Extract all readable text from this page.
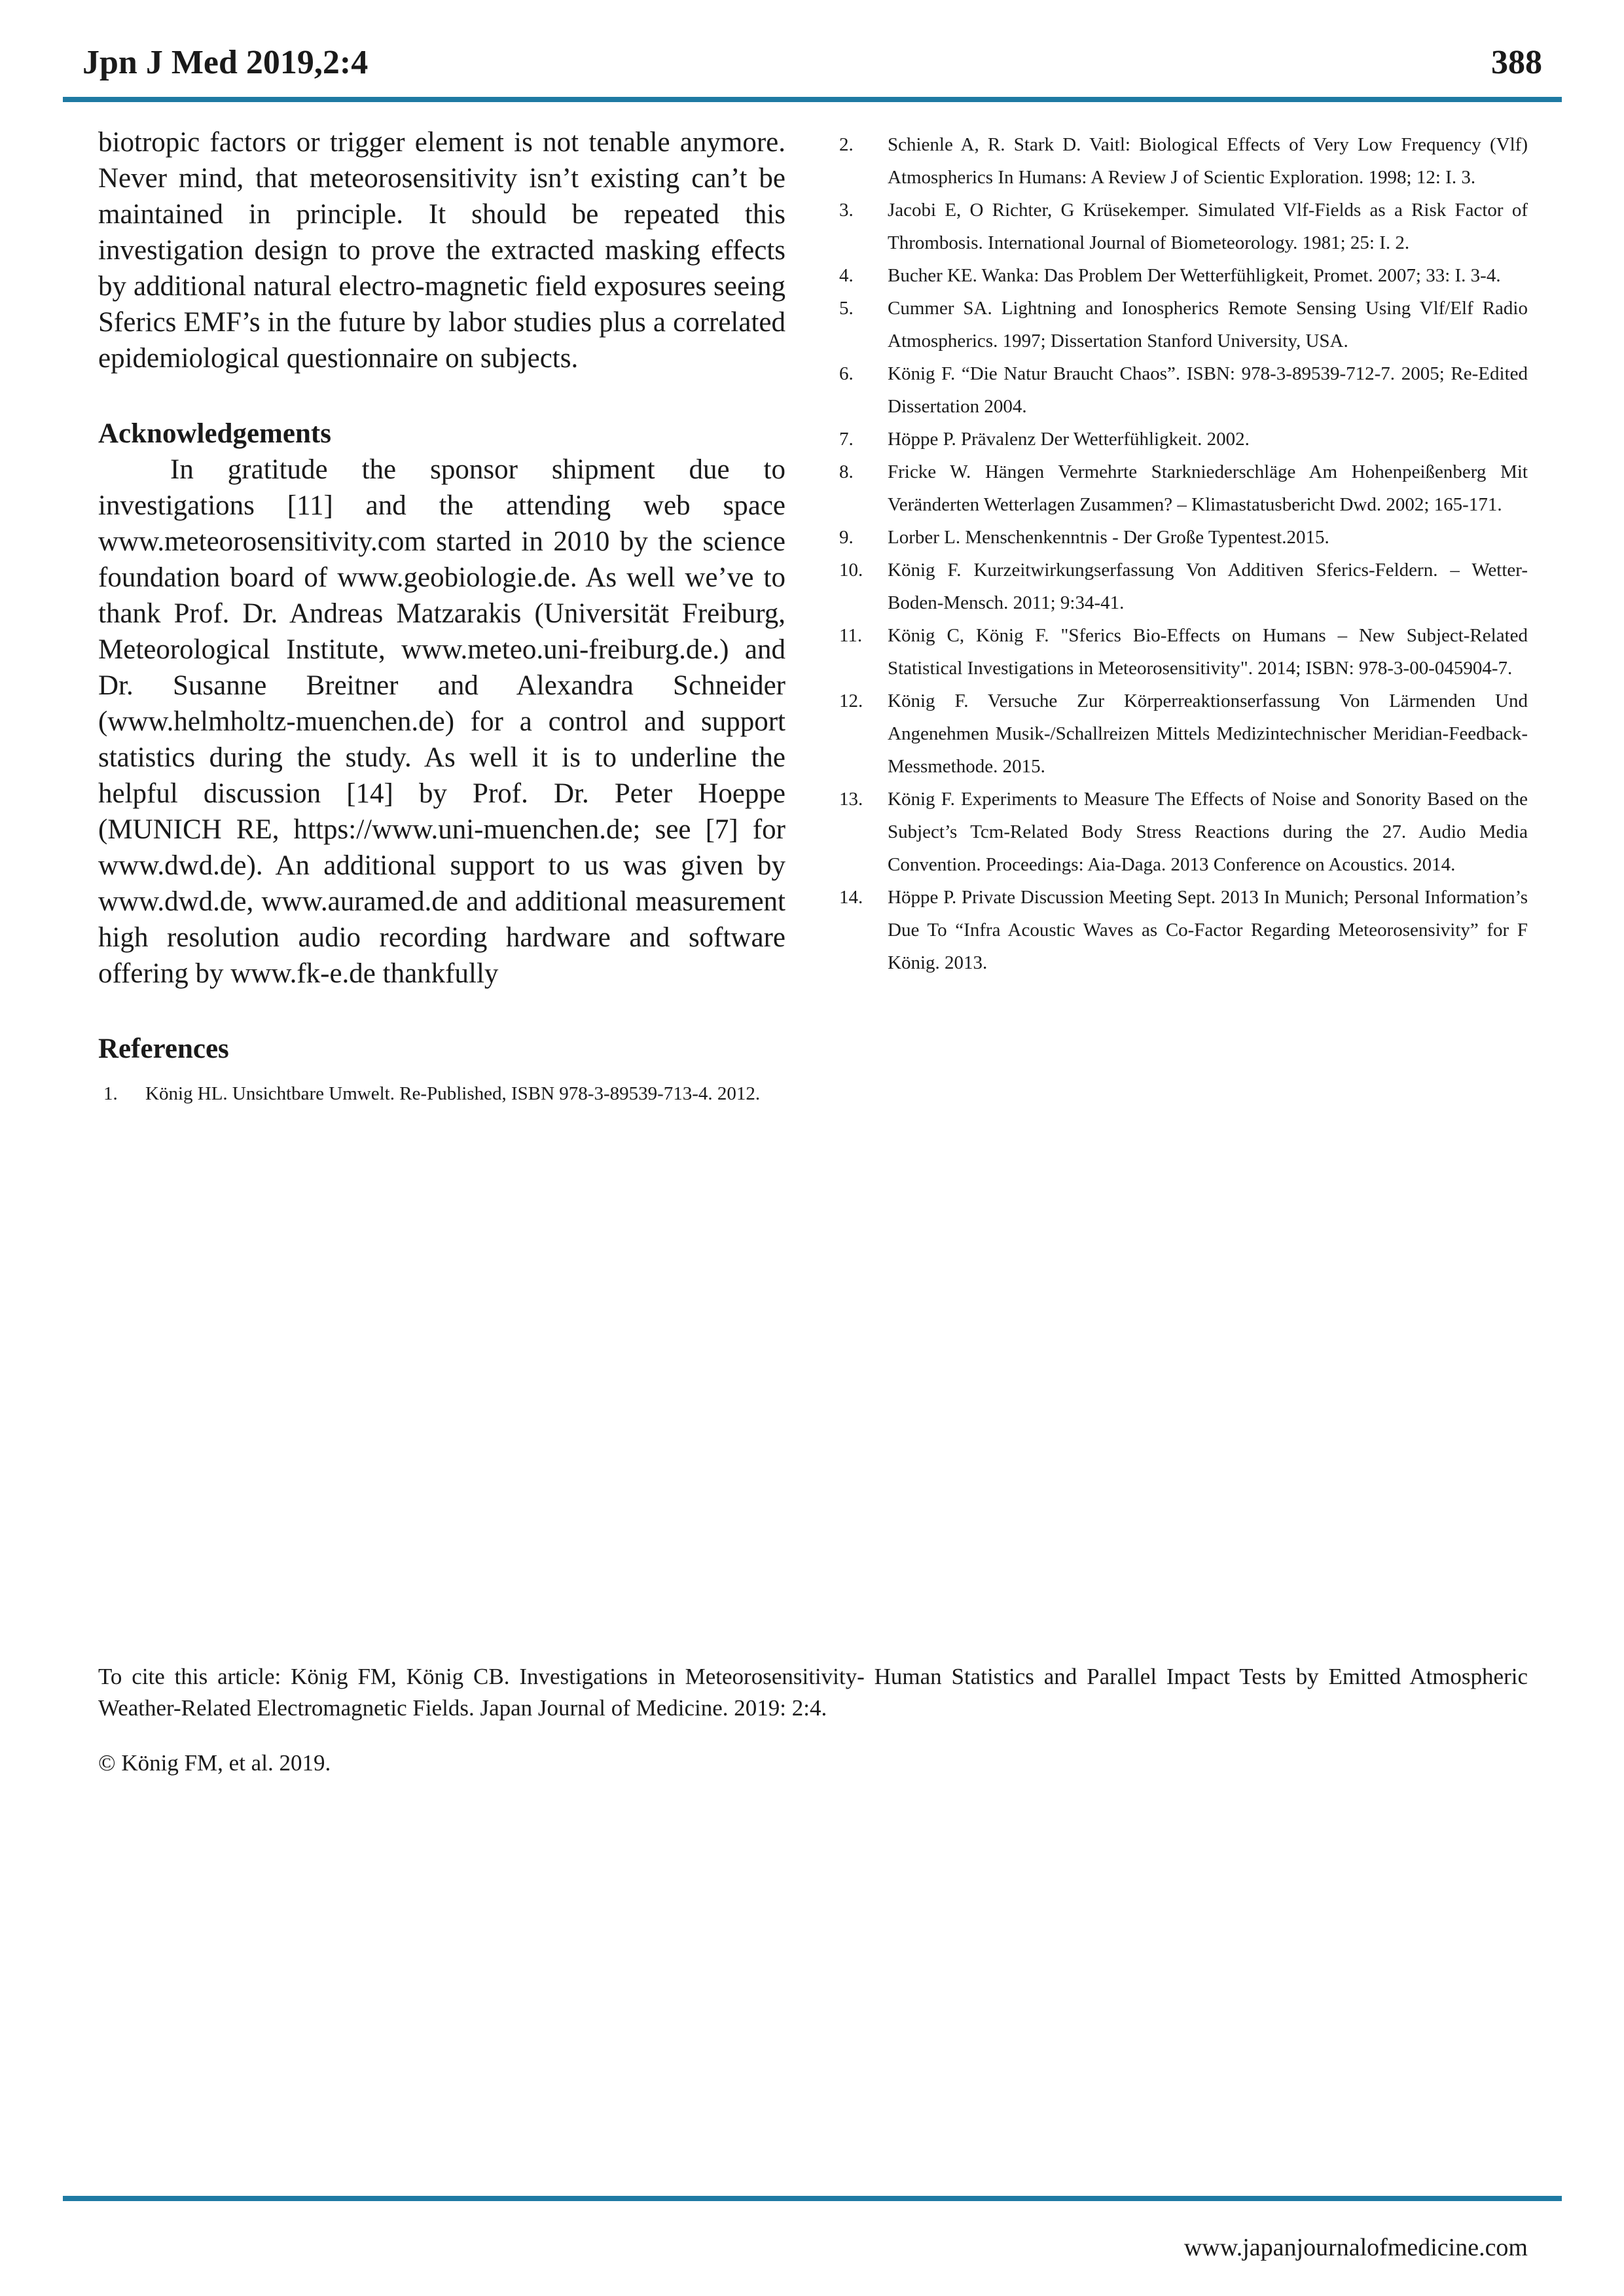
Jpn J Med 2019,2:4	388

biotropic factors or trigger element is not tenable anymore. Never mind, that meteorosensitivity isn’t existing can’t be maintained in principle. It should be repeated this investigation design to prove the extracted masking effects by additional natural electro-magnetic field exposures seeing Sferics EMF’s in the future by labor studies plus a correlated epidemiological questionnaire on subjects.

Acknowledgements

In gratitude the sponsor shipment due to investigations [11] and the attending web space www.meteorosensitivity.com started in 2010 by the science foundation board of www.geobiologie.de. As well we’ve to thank Prof. Dr. Andreas Matzarakis (Universität Freiburg, Meteorological Institute, www.meteo.uni-freiburg.de.) and Dr. Susanne Breitner and Alexandra Schneider (www.helmholtz-muenchen.de) for a control and support statistics during the study. As well it is to underline the helpful discussion [14] by Prof. Dr. Peter Hoeppe (MUNICH RE, https://www.uni-muenchen.de; see [7] for www.dwd.de). An additional support to us was given by www.dwd.de, www.auramed.de and additional measurement high resolution audio recording hardware and software offering by www.fk-e.de thankfully

References
1.	König HL. Unsichtbare Umwelt. Re-Published, ISBN 978-3-89539-713-4. 2012.
2.	Schienle A, R. Stark D. Vaitl: Biological Effects of Very Low Frequency (Vlf) Atmospherics In Humans: A Review J of Scientic Exploration. 1998; 12: I. 3.
3.	Jacobi E, O Richter, G Krüsekemper. Simulated Vlf-Fields as a Risk Factor of Thrombosis. International Journal of Biometeorology. 1981; 25: I. 2.
4.	Bucher KE. Wanka: Das Problem Der Wetterfühligkeit, Promet. 2007; 33: I. 3-4.
5.	Cummer SA. Lightning and Ionospherics Remote Sensing Using Vlf/Elf Radio Atmospherics. 1997; Dissertation Stanford University, USA.
6.	König F. “Die Natur Braucht Chaos”. ISBN: 978-3-89539-712-7. 2005; Re-Edited Dissertation 2004.
7.	Höppe P. Prävalenz Der Wetterfühligkeit. 2002.
8.	Fricke W. Hängen Vermehrte Starkniederschläge Am Hohenpeißenberg Mit Veränderten Wetterlagen Zusammen? – Klimastatusbericht Dwd. 2002; 165-171.
9.	Lorber L. Menschenkenntnis - Der Große Typentest.2015.
10.	König F. Kurzeitwirkungserfassung Von Additiven Sferics-Feldern. – Wetter-Boden-Mensch. 2011; 9:34-41.
11.	König C, König F. "Sferics Bio-Effects on Humans – New Subject-Related Statistical Investigations in Meteorosensitivity". 2014; ISBN: 978-3-00-045904-7.
12.	König F. Versuche Zur Körperreaktionserfassung Von Lärmenden Und Angenehmen Musik-/Schallreizen Mittels Medizintechnischer Meridian-Feedback-Messmethode. 2015.
13.	König F. Experiments to Measure The Effects of Noise and Sonority Based on the Subject’s Tcm-Related Body Stress Reactions during the 27. Audio Media Convention. Proceedings: Aia-Daga. 2013 Conference on Acoustics. 2014.
14.	Höppe P. Private Discussion Meeting Sept. 2013 In Munich; Personal Information’s Due To “Infra Acoustic Waves as Co-Factor Regarding Meteorosensivity” for F König. 2013.

To cite this article: König FM, König CB. Investigations in Meteorosensitivity- Human Statistics and Parallel Impact Tests by Emitted Atmospheric Weather-Related Electromagnetic Fields. Japan Journal of Medicine. 2019: 2:4.

© König FM, et al. 2019.

www.japanjournalofmedicine.com
